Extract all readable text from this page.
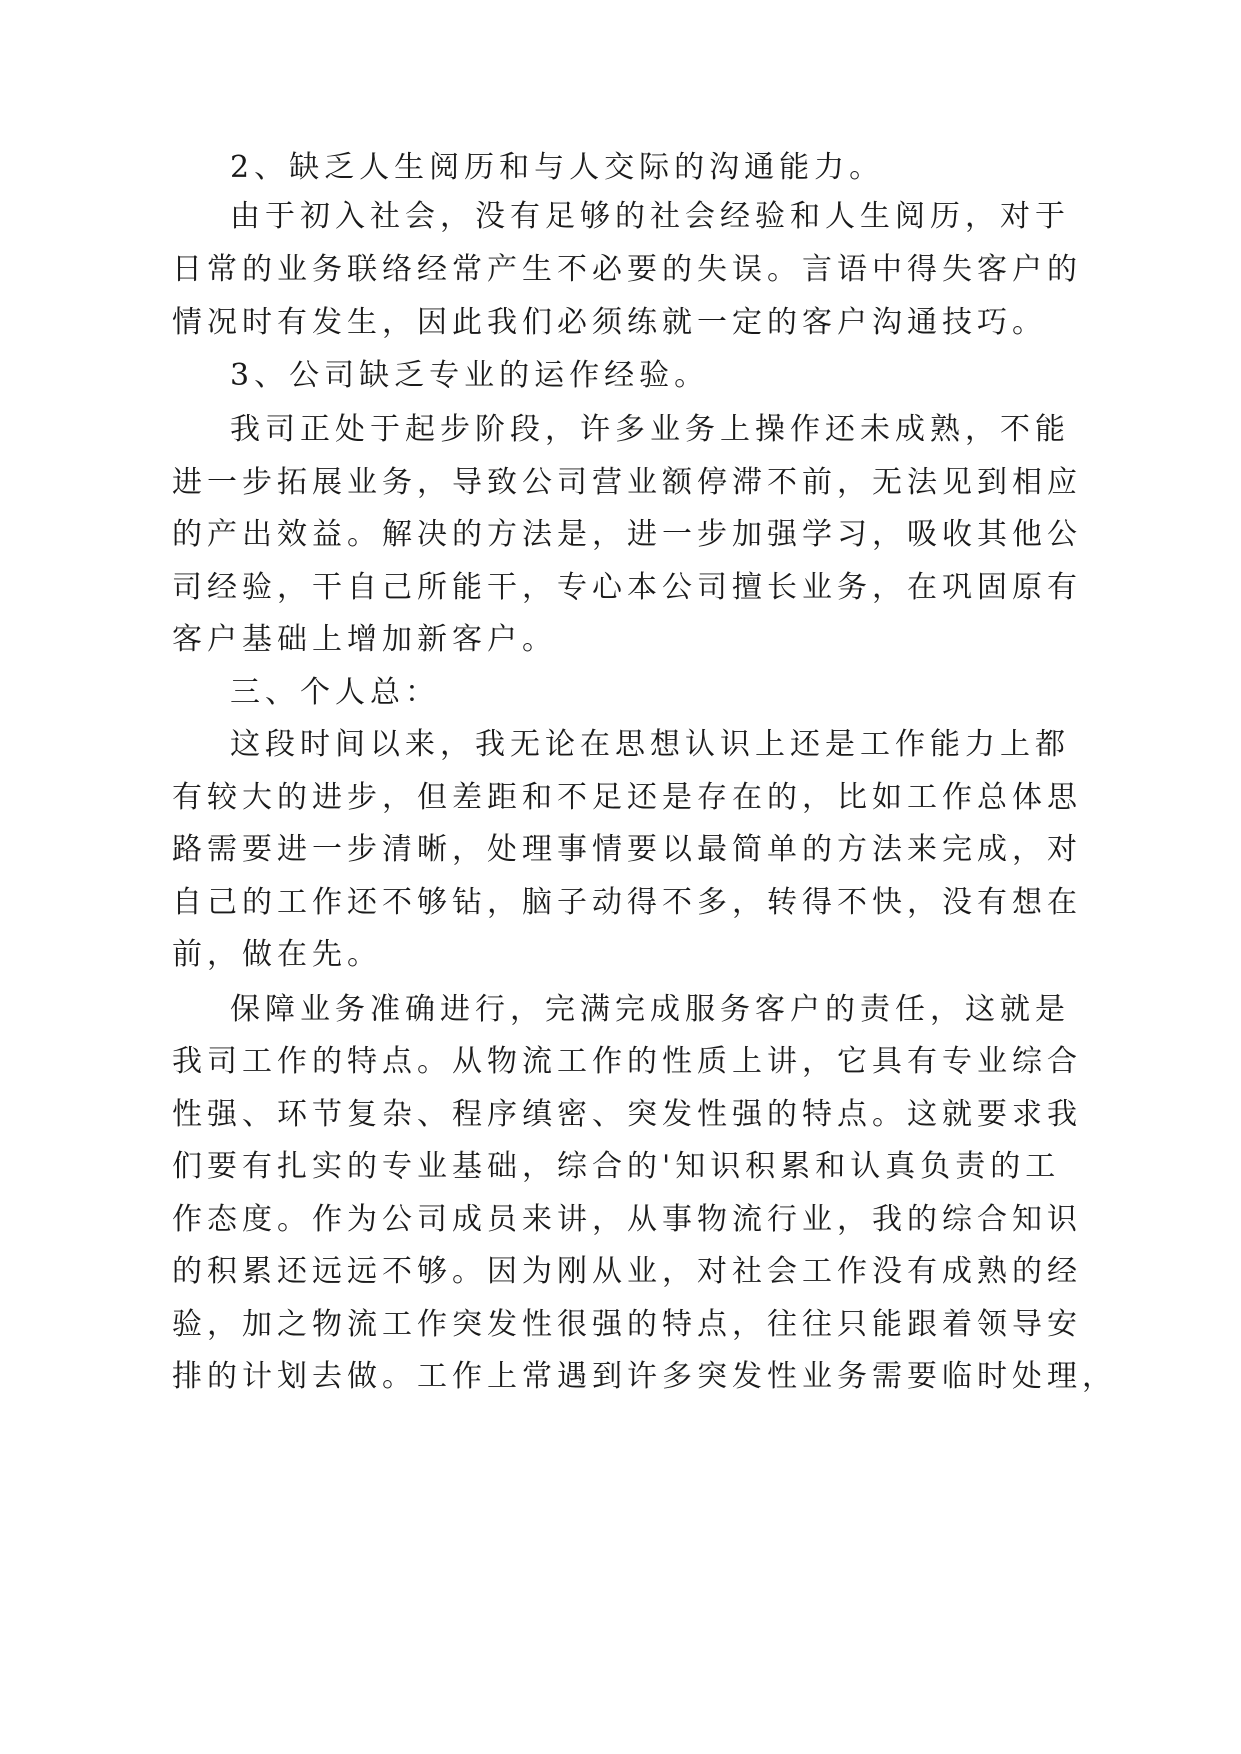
2、缺乏人生阅历和与人交际的沟通能力。

由于初入社会，没有足够的社会经验和人生阅历，对于

日常的业务联络经常产生不必要的失误。言语中得失客户的

情况时有发生，因此我们必须练就一定的客户沟通技巧。

3、公司缺乏专业的运作经验。

我司正处于起步阶段，许多业务上操作还未成熟，不能

进一步拓展业务，导致公司营业额停滞不前，无法见到相应

的产出效益。解决的方法是，进一步加强学习，吸收其他公

司经验，干自己所能干，专心本公司擅长业务，在巩固原有

客户基础上增加新客户。

三、个人总：

这段时间以来，我无论在思想认识上还是工作能力上都

有较大的进步，但差距和不足还是存在的，比如工作总体思

路需要进一步清晰，处理事情要以最简单的方法来完成，对

自己的工作还不够钻，脑子动得不多，转得不快，没有想在

前，做在先。

保障业务准确进行，完满完成服务客户的责任，这就是

我司工作的特点。从物流工作的性质上讲，它具有专业综合

性强、环节复杂、程序缜密、突发性强的特点。这就要求我

们要有扎实的专业基础，综合的'知识积累和认真负责的工

作态度。作为公司成员来讲，从事物流行业，我的综合知识

的积累还远远不够。因为刚从业，对社会工作没有成熟的经

验，加之物流工作突发性很强的特点，往往只能跟着领导安

排的计划去做。工作上常遇到许多突发性业务需要临时处理，
